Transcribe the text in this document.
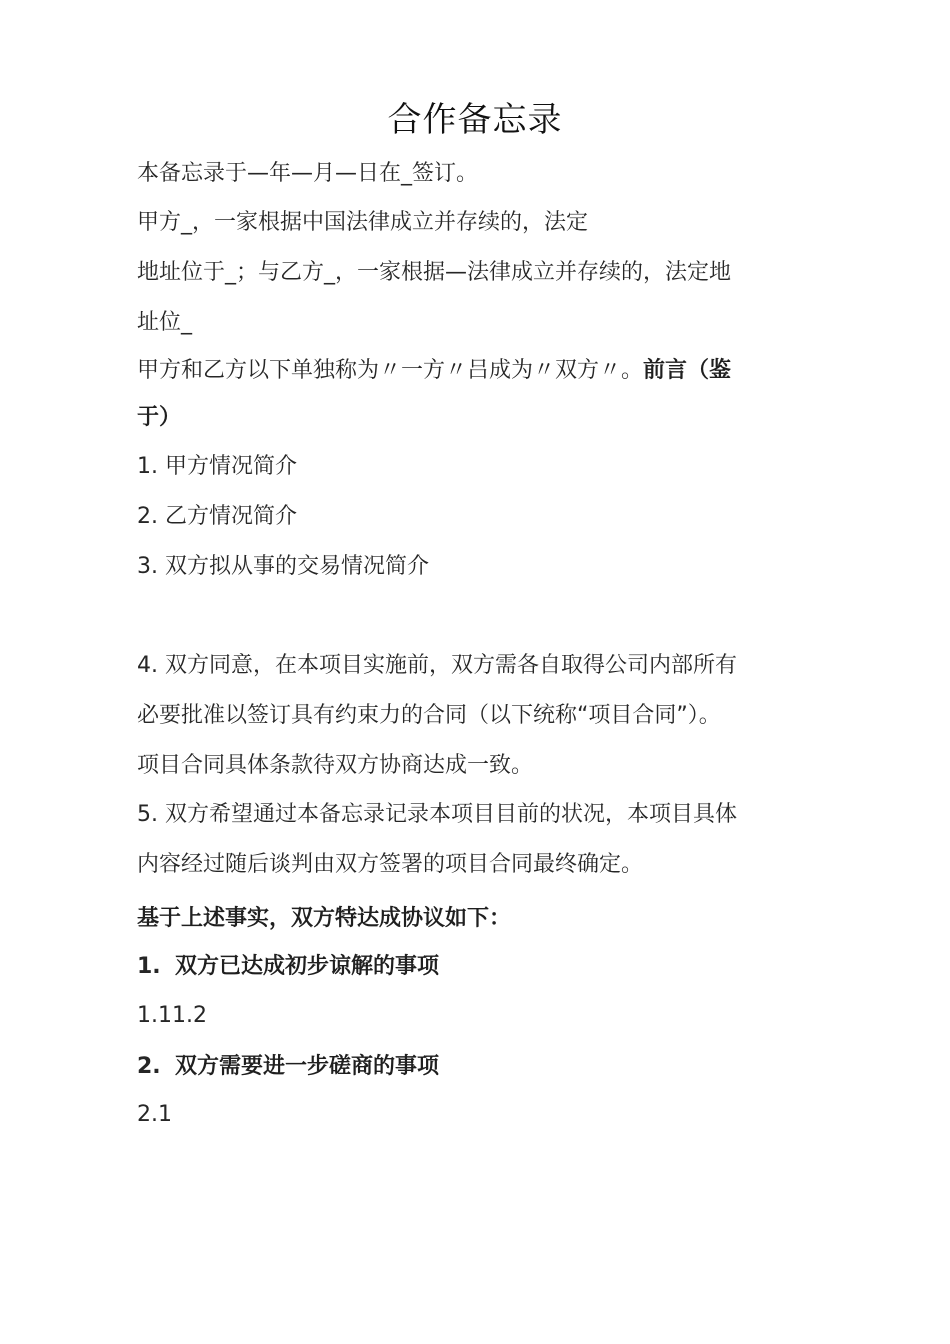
合作备忘录
本备忘录于—年—月—日在_签订。
甲方_，一家根据中国法律成立并存续的，法定
地址位于_；与乙方_，一家根据—法律成立并存续的，法定地
址位_
甲方和乙方以下单独称为〃一方〃吕成为〃双方〃。前言（鉴
于）
1. 甲方情况简介
2. 乙方情况简介
3. 双方拟从事的交易情况简介
4. 双方同意，在本项目实施前，双方需各自取得公司内部所有
必要批准以签订具有约束力的合同（以下统称“项目合同”）。
项目合同具体条款待双方协商达成一致。
5. 双方希望通过本备忘录记录本项目目前的状况，本项目具体
内容经过随后谈判由双方签署的项目合同最终确定。
基于上述事实，双方特达成协议如下：
1. 双方已达成初步谅解的事项
1.11.2
2. 双方需要进一步磋商的事项
2.1
